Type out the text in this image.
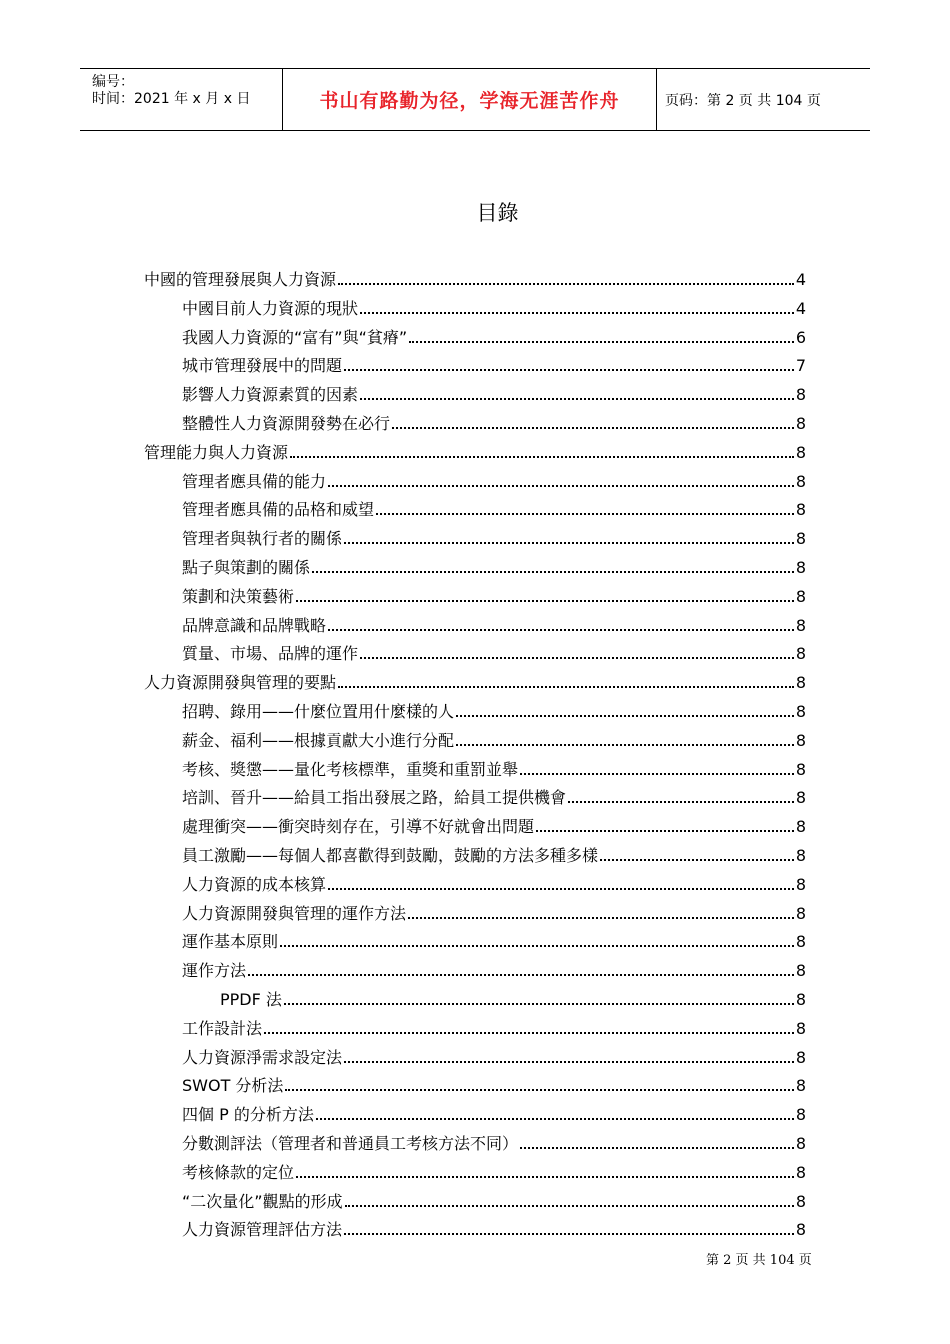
编号：
时间：2021 年 x 月 x 日	书山有路勤为径，学海无涯苦作舟	页码：第 2 页 共 104 页
目錄
中國的管理發展與人力資源	4
中國目前人力資源的現狀	4
我國人力資源的“富有”與“貧瘠”	6
城市管理發展中的問題	7
影響人力資源素質的因素	8
整體性人力資源開發勢在必行	8
管理能力與人力資源	8
管理者應具備的能力	8
管理者應具備的品格和威望	8
管理者與執行者的關係	8
點子與策劃的關係	8
策劃和決策藝術	8
品牌意識和品牌戰略	8
質量、市場、品牌的運作	8
人力資源開發與管理的要點	8
招聘、錄用——什麼位置用什麼樣的人	8
薪金、福利——根據貢獻大小進行分配	8
考核、獎懲——量化考核標準，重獎和重罰並舉	8
培訓、晉升——給員工指出發展之路，給員工提供機會	8
處理衝突——衝突時刻存在，引導不好就會出問題	8
員工激勵——每個人都喜歡得到鼓勵，鼓勵的方法多種多樣	8
人力資源的成本核算	8
人力資源開發與管理的運作方法	8
運作基本原則	8
運作方法	8
PPDF 法	8
工作設計法	8
人力資源淨需求設定法	8
SWOT 分析法	8
四個 P 的分析方法	8
分數測評法（管理者和普通員工考核方法不同）	8
考核條款的定位	8
“二次量化”觀點的形成	8
人力資源管理評估方法	8
第 2 页 共 104 页
